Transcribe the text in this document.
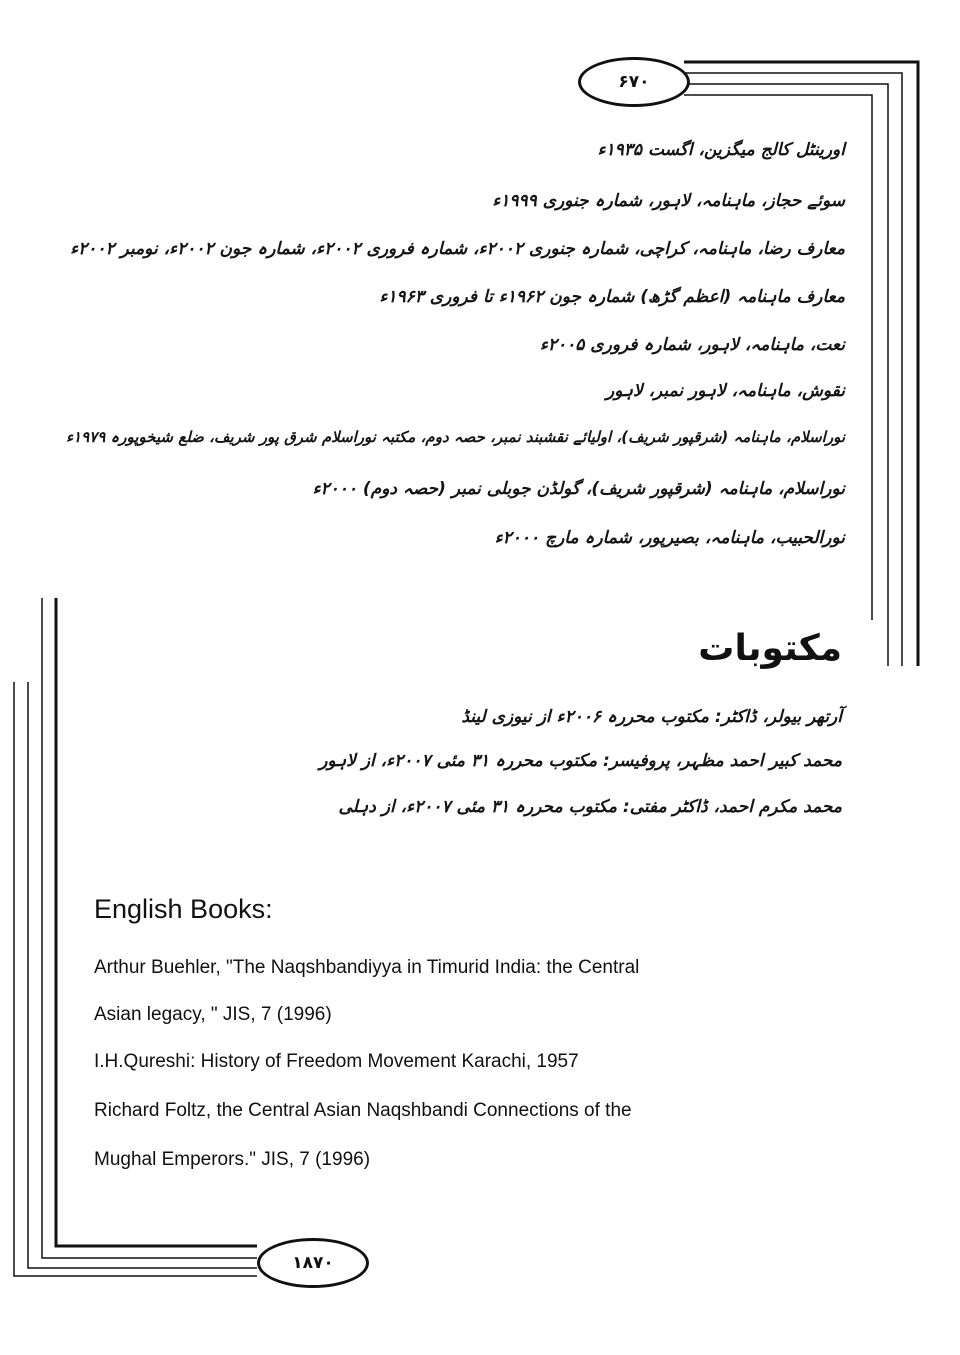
۶۷۰
۱۸۷۰
اورینٹل کالج میگزین، اگست ۱۹۳۵ء
سوئے حجاز، ماہنامہ، لاہور، شمارہ جنوری ۱۹۹۹ء
معارف رضا، ماہنامہ، کراچی، شمارہ جنوری ۲۰۰۲ء، شمارہ فروری ۲۰۰۲ء، شمارہ جون ۲۰۰۲ء، نومبر ۲۰۰۲ء
معارف ماہنامہ (اعظم گڑھ) شمارہ جون ۱۹۶۲ء تا فروری ۱۹۶۳ء
نعت، ماہنامہ، لاہور، شمارہ فروری ۲۰۰۵ء
نقوش، ماہنامہ، لاہور نمبر، لاہور
نوراسلام، ماہنامہ (شرقپور شریف)، اولیائے نقشبند نمبر، حصہ دوم، مکتبہ نوراسلام شرق پور شریف، ضلع شیخوپورہ ۱۹۷۹ء
نوراسلام، ماہنامہ (شرقپور شریف)، گولڈن جوبلی نمبر (حصہ دوم) ۲۰۰۰ء
نورالحبیب، ماہنامہ، بصیرپور، شمارہ مارچ ۲۰۰۰ء
مکتوبات
آرتھر بیولر، ڈاکٹر: مکتوب محررہ ۲۰۰۶ء از نیوزی لینڈ
محمد کبیر احمد مظہر، پروفیسر: مکتوب محررہ ۳۱ مئی ۲۰۰۷ء، از لاہور
محمد مکرم احمد، ڈاکٹر مفتی: مکتوب محررہ ۳۱ مئی ۲۰۰۷ء، از دہلی
English Books:
Arthur Buehler, "The Naqshbandiyya in Timurid India: the Central
Asian legacy, " JIS, 7 (1996)
I.H.Qureshi: History of Freedom Movement Karachi, 1957
Richard Foltz, the Central Asian Naqshbandi Connections of the
Mughal Emperors." JIS, 7 (1996)
